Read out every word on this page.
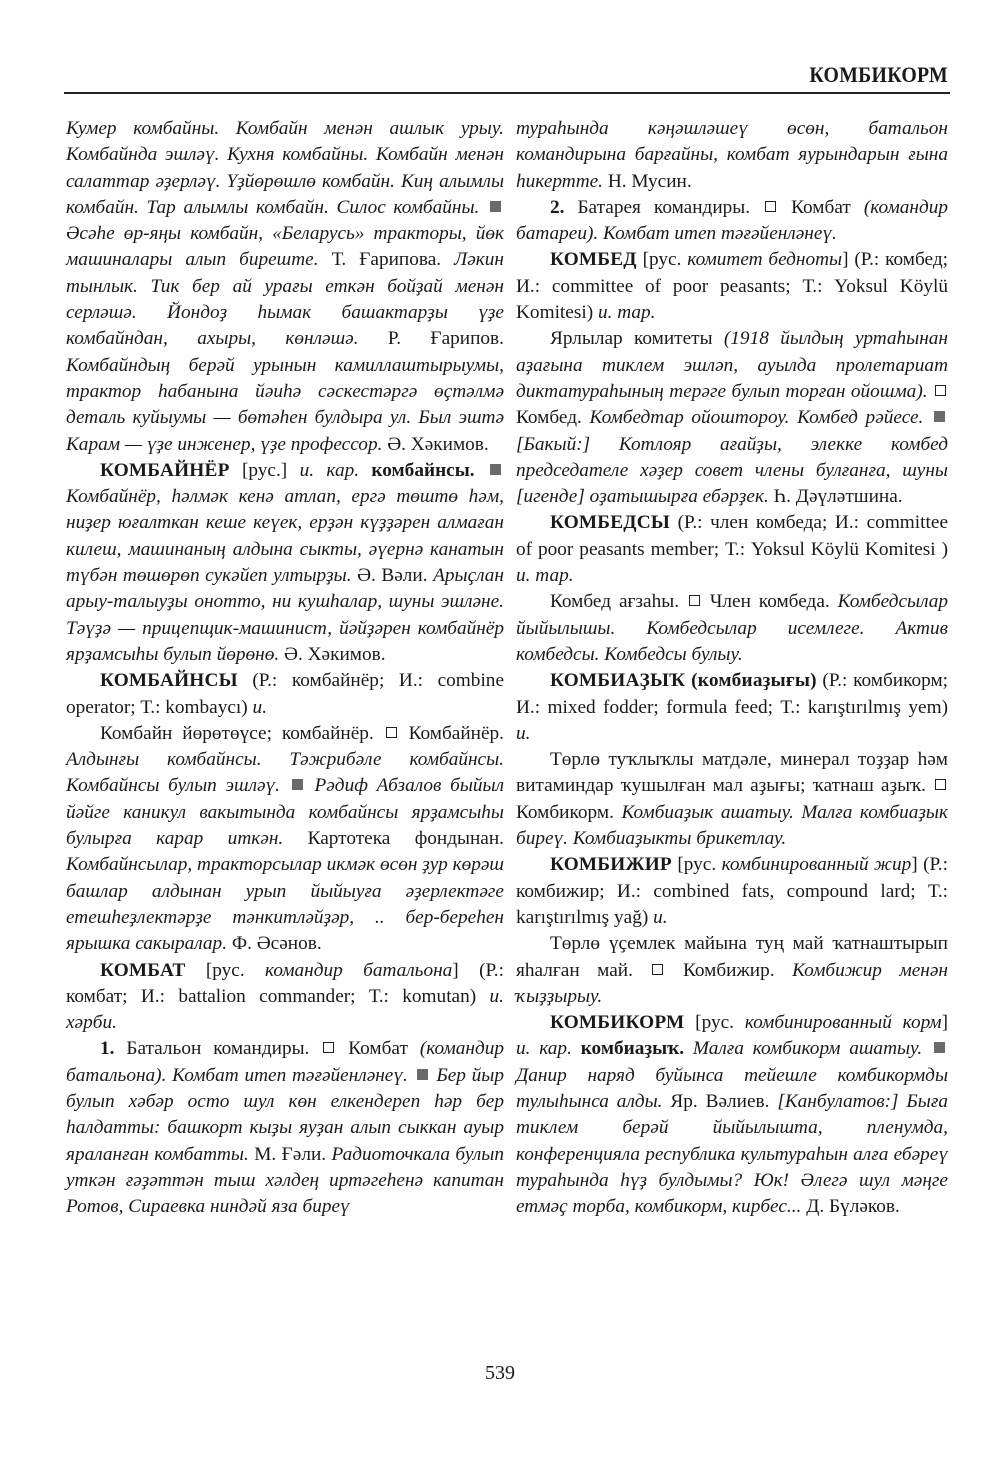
КОМБИКОРМ

Кумер комбайны. Комбайн менән ашлык урыу. Комбайнда эшләү. Кухня комбайны. Комбайн менән салаттар әҙерләү. Үҙйөрөшлө комбайн. Киң алымлы комбайн. Тар алымлы комбайн. Силос комбайны.  Әсәһе өр-яңы комбайн, «Беларусь» тракторы, йөк машиналары алып биреште. Т. Ғарипова. Ләкин тынлык. Тик бер ай урағы еткән бойҙай менән серләшә. Йондоҙ һымак башактарҙы үҙе комбайндан, ахыры, көнләшә. Р. Ғарипов. Комбайндың берәй урынын камиллаштырыумы, трактор һабанына йәиһә сәскестәргә өҫтәлмә деталь куйыумы — бөтәһен булдыра ул. Был эштә Карам — үҙе инженер, үҙе профессор. Ә. Хәкимов.

КОМБАЙНЁР [рус.] и. кар. комбайнсы.  Комбайнёр, һәлмәк кенә атлап, ергә төштө һәм, ниҙер юғалткан кеше кеүек, ерҙән күҙҙәрен алмаған килеш, машинаның алдына сыкты, әүернә канатын түбән төшөрөп сукәйеп ултырҙы. Ә. Вәли. Арыҫлан арыу-талыуҙы онотто, ни кушһалар, шуны эшләне. Тәүҙә — прицепщик-машинист, йәйҙәрен комбайнёр ярҙамсыһы булып йөрөнө. Ә. Хәкимов.

КОМБАЙНСЫ (Р.: комбайнёр; И.: combine operator; Т.: kombaycı) и.

Комбайн йөрөтөүсе; комбайнёр.  Комбайнёр. Алдынғы комбайнсы. Тәжрибәле комбайнсы. Комбайнсы булып эшләү.  Рәдиф Абзалов быйыл йәйге каникул вакытында комбайнсы ярҙамсыһы булырға карар иткән. Картотека фондынан. Комбайнсылар, тракторсылар икмәк өсөн ҙур көрәш башлар алдынан урып йыйыуға әҙерлектәге етешһеҙлектәрҙе тәнкитләйҙәр, .. бер-береһен ярышка сакыралар. Ф. Әсәнов.

КОМБАТ [рус. командир батальона] (Р.: комбат; И.: battalion commander; Т.: komutan) и. хәрби.

1. Батальон командиры.  Комбат (командир батальона). Комбат итеп тәғәйенләнеү.  Бер йыр булып хәбәр осто шул көн елкендереп һәр бер һалдатты: башкорт кыҙы яуҙан алып сыккан ауыр яраланған комбатты. М. Ғәли. Радиоточкала булып уткән ғәҙәттән тыш хәлдең иртәгеһенә капитан Ротов, Сираевка ниндәй яза биреү

тураһында кәңәшләшеү өсөн, батальон командирына барғайны, комбат яурындарын ғына һикертте. Н. Мусин.

2. Батарея командиры.  Комбат (командир батареи). Комбат итеп тәғәйенләнеү.

КОМБЕД [рус. комитет бедноты] (Р.: комбед; И.: committee of poor peasants; Т.: Yoksul Köylü Komitesi) и. тар.

Ярлылар комитеты (1918 йылдың уртаһынан аҙағына тиклем эшләп, ауылда пролетариат диктатураһының терәге булып торған ойошма).  Комбед. Комбедтар ойоштороу. Комбед рәйесе.  [Бакый:] Котлояр ағайҙы, элекке комбед председателе хәҙер совет члены булғанға, шуны [игенде] оҙатышырға ебәрҙек. Һ. Дәүләтшина.

КОМБЕДСЫ (Р.: член комбеда; И.: committee of poor peasants member; Т.: Yoksul Köylü Komitesi ) и. тар.

Комбед ағзаһы.  Член комбеда. Комбедсылар йыйылышы. Комбедсылар исемлеге. Актив комбедсы. Комбедсы булыу.

КОМБИАҘЫҠ (комбиаҙығы) (Р.: комбикорм; И.: mixed fodder; formula feed; Т.: karıştırılmış yem) и.

Төрлө туҡлыҡлы матдәле, минерал тоҙҙар һәм витаминдар ҡушылған мал аҙығы; ҡатнаш аҙыҡ.  Комбикорм. Комбиаҙык ашатыу. Малға комбиаҙык биреү. Комбиаҙыкты брикетлау.

КОМБИЖИР [рус. комбинированный жир] (Р.: комбижир; И.: combined fats, compound lard; Т.: karıştırılmış yağ) и.

Төрлө үҫемлек майына туң май ҡатнаштырып яһалған май.  Комбижир. Комбижир менән ҡыҙҙырыу.

КОМБИКОРМ [рус. комбинированный корм] и. кар. комбиаҙыҡ. Малға комбикорм ашатыу.  Данир наряд буйынса тейешле комбикормды тулыһынса алды. Яр. Вәлиев. [Канбулатов:] Быға тиклем берәй йыйылышта, пленумда, конференцияла республика культураһын алға ебәреү тураһында һүҙ булдымы? Юк! Әлегә шул мәңге етмәҫ торба, комбикорм, кирбес... Д. Бүләков.

539
